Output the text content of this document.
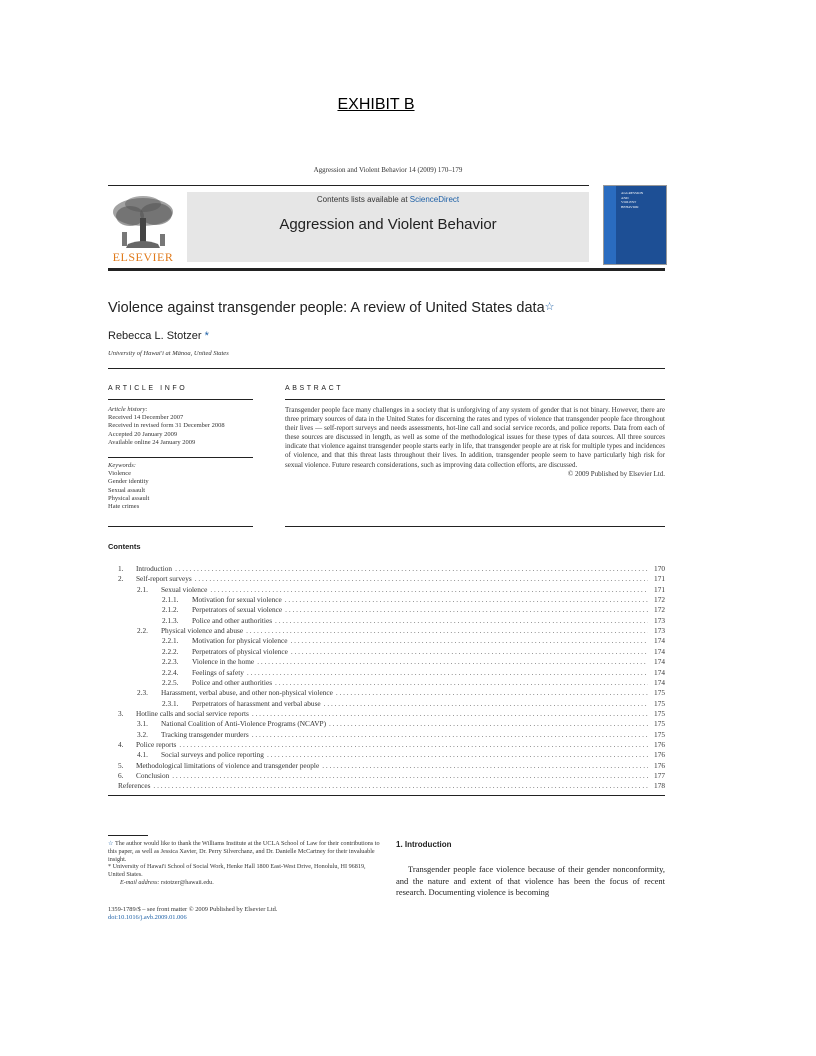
EXHIBIT B
Aggression and Violent Behavior 14 (2009) 170–179
ELSEVIER
Contents lists available at ScienceDirect
Aggression and Violent Behavior
AGGRESSION
AND
VIOLENT
BEHAVIOR
Violence against transgender people: A review of United States data☆
Rebecca L. Stotzer *
University of Hawai'i at Mānoa, United States
ARTICLE INFO
Article history:
Received 14 December 2007
Received in revised form 31 December 2008
Accepted 20 January 2009
Available online 24 January 2009
Keywords:
Violence
Gender identity
Sexual assault
Physical assault
Hate crimes
ABSTRACT
Transgender people face many challenges in a society that is unforgiving of any system of gender that is not binary. However, there are three primary sources of data in the United States for discerning the rates and types of violence that transgender people face throughout their lives — self-report surveys and needs assessments, hot-line call and social service records, and police reports. Data from each of these sources are discussed in length, as well as some of the methodological issues for these types of data sources. All three sources indicate that violence against transgender people starts early in life, that transgender people are at risk for multiple types and incidences of violence, and that this threat lasts throughout their lives. In addition, transgender people seem to have particularly high risk for sexual violence. Future research considerations, such as improving data collection efforts, are discussed.
© 2009 Published by Elsevier Ltd.
Contents
1.	Introduction . . .	170
2.	Self-report surveys . . .	171
2.1.	Sexual violence . . .	171
2.1.1.	Motivation for sexual violence . . .	172
2.1.2.	Perpetrators of sexual violence . . .	172
2.1.3.	Police and other authorities . . .	173
2.2.	Physical violence and abuse . . .	173
2.2.1.	Motivation for physical violence . . .	174
2.2.2.	Perpetrators of physical violence . . .	174
2.2.3.	Violence in the home . . .	174
2.2.4.	Feelings of safety . . .	174
2.2.5.	Police and other authorities . . .	174
2.3.	Harassment, verbal abuse, and other non-physical violence . . .	175
2.3.1.	Perpetrators of harassment and verbal abuse . . .	175
3.	Hotline calls and social service reports . . .	175
3.1.	National Coalition of Anti-Violence Programs (NCAVP) . . .	175
3.2.	Tracking transgender murders . . .	175
4.	Police reports . . .	176
4.1.	Social surveys and police reporting . . .	176
5.	Methodological limitations of violence and transgender people . . .	176
6.	Conclusion . . .	177
References . . .	178
☆ The author would like to thank the Williams Institute at the UCLA School of Law for their contributions to this paper, as well as Jessica Xavier, Dr. Perry Silverchanz, and Dr. Danielle McCartney for their invaluable insight.
* University of Hawai'i School of Social Work, Henke Hall 1800 East-West Drive, Honolulu, HI 96819, United States.
E-mail address: rstotzer@hawaii.edu.
1359-1789/$ – see front matter © 2009 Published by Elsevier Ltd.
doi:10.1016/j.avb.2009.01.006
1. Introduction
Transgender people face violence because of their gender nonconformity, and the nature and extent of that violence has been the focus of recent research. Documenting violence is becoming
